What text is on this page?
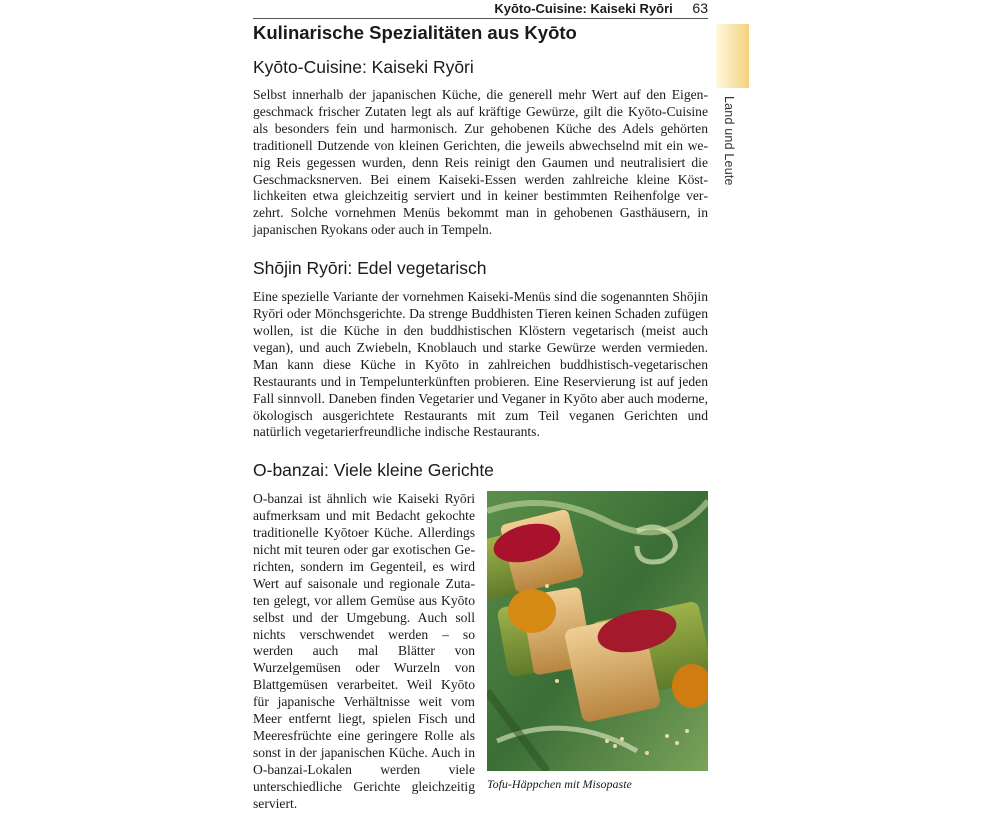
Kyōto-Cuisine: Kaiseki Ryōri 63
Land und Leute
Kulinarische Spezialitäten aus Kyōto
Kyōto-Cuisine: Kaiseki Ryōri

Selbst innerhalb der japanischen Küche, die generell mehr Wert auf den Eigengeschmack frischer Zutaten legt als auf kräftige Gewürze, gilt die Kyōto-Cuisine als besonders fein und harmonisch. Zur gehobenen Küche des Adels gehörten traditionell Dutzende von kleinen Gerichten, die jeweils abwechselnd mit ein wenig Reis gegessen wurden, denn Reis reinigt den Gaumen und neutralisiert die Geschmacksnerven. Bei einem Kaiseki-Essen werden zahlreiche kleine Köstlichkeiten etwa gleichzeitig serviert und in keiner bestimmten Reihenfolge verzehrt. Solche vornehmen Menüs bekommt man in gehobenen Gasthäusern, in japanischen Ryokans oder auch in Tempeln.

Shōjin Ryōri: Edel vegetarisch

Eine spezielle Variante der vornehmen Kaiseki-Menüs sind die sogenannten Shōjin Ryōri oder Mönchsgerichte. Da strenge Buddhisten Tieren keinen Schaden zufügen wollen, ist die Küche in den buddhistischen Klöstern vegetarisch (meist auch vegan), und auch Zwiebeln, Knoblauch und starke Gewürze werden vermieden. Man kann diese Küche in Kyōto in zahlreichen buddhistisch-vegetarischen Restaurants und in Tempelunterkünften probieren. Eine Reservierung ist auf jeden Fall sinnvoll. Daneben finden Vegetarier und Veganer in Kyōto aber auch moderne, ökologisch ausgerichtete Restaurants mit zum Teil veganen Gerichten und natürlich vegetarierfreundliche indische Restaurants.

O-banzai: Viele kleine Gerichte

O-banzai ist ähnlich wie Kaiseki Ryōri aufmerksam und mit Bedacht gekochte traditionelle Kyōtoer Küche. Allerdings nicht mit teuren oder gar exotischen Gerichten, sondern im Gegenteil, es wird Wert auf saisonale und regionale Zutaten gelegt, vor allem Gemüse aus Kyōto selbst und der Umgebung. Auch soll nichts verschwendet werden – so werden auch mal Blätter von Wurzelgemüsen oder Wurzeln von Blattgemüsen verarbeitet. Weil Kyōto für japanische Verhältnisse weit vom Meer entfernt liegt, spielen Fisch und Meeresfrüchte eine geringere Rolle als sonst in der japanischen Küche. Auch in O-banzai-Lokalen werden viele unterschiedliche Gerichte gleichzeitig serviert.

Tofu-Häppchen mit Misopaste
